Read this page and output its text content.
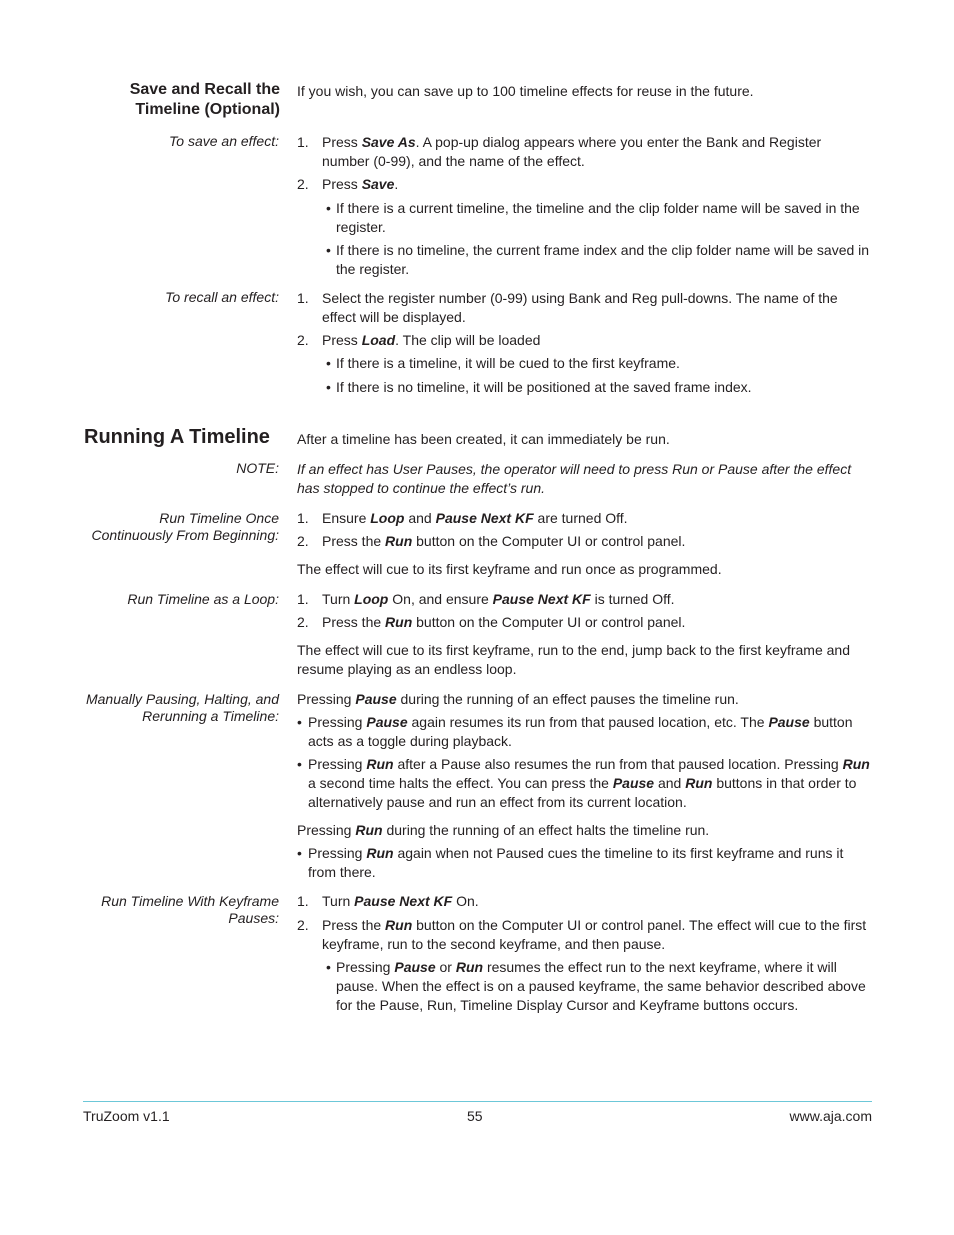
Save and Recall the
Timeline (Optional)
If you wish, you can save up to 100 timeline effects for reuse in the future.
To save an effect: 1. Press Save As. A pop-up dialog appears where you enter the Bank and Register number (0-99), and the name of the effect.
2. Press Save.
• If there is a current timeline, the timeline and the clip folder name will be saved in the register.
• If there is no timeline, the current frame index and the clip folder name will be saved in the register.
To recall an effect: 1. Select the register number (0-99) using Bank and Reg pull-downs. The name of the effect will be displayed.
2. Press Load. The clip will be loaded
• If there is a timeline, it will be cued to the first keyframe.
• If there is no timeline, it will be positioned at the saved frame index.
Running A Timeline After a timeline has been created, it can immediately be run.
NOTE: If an effect has User Pauses, the operator will need to press Run or Pause after the effect has stopped to continue the effect’s run.
Run Timeline Once
Continuously From Beginning:
1. Ensure Loop and Pause Next KF are turned Off.
2. Press the Run button on the Computer UI or control panel.
The effect will cue to its first keyframe and run once as programmed.
Run Timeline as a Loop: 1. Turn Loop On, and ensure Pause Next KF is turned Off.
2. Press the Run button on the Computer UI or control panel.
The effect will cue to its first keyframe, run to the end, jump back to the first keyframe and resume playing as an endless loop.
Manually Pausing, Halting, and
Rerunning a Timeline:
Pressing Pause during the running of an effect pauses the timeline run.
• Pressing Pause again resumes its run from that paused location, etc. The Pause button acts as a toggle during playback.
• Pressing Run after a Pause also resumes the run from that paused location. Pressing Run a second time halts the effect. You can press the Pause and Run buttons in that order to alternatively pause and run an effect from its current location.
Pressing Run during the running of an effect halts the timeline run.
• Pressing Run again when not Paused cues the timeline to its first keyframe and runs it from there.
Run Timeline With Keyframe
Pauses:
1. Turn Pause Next KF On.
2. Press the Run button on the Computer UI or control panel. The effect will cue to the first keyframe, run to the second keyframe, and then pause.
• Pressing Pause or Run resumes the effect run to the next keyframe, where it will pause. When the effect is on a paused keyframe, the same behavior described above for the Pause, Run, Timeline Display Cursor and Keyframe buttons occurs.
TruZoom v1.1	55	www.aja.com
